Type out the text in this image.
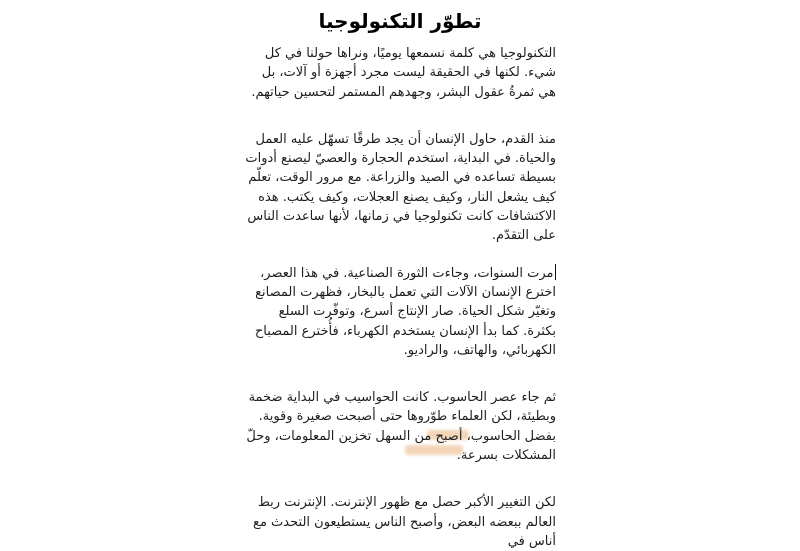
تطوّر التكنولوجيا

التكنولوجيا هي كلمة نسمعها يوميًا، ونراها حولنا في كل شيء. لكنها في الحقيقة ليست مجرد أجهزة أو آلات، بل هي ثمرةُ عقول البشر، وجهدهم المستمر لتحسين حياتهم.

منذ القدم، حاول الإنسان أن يجد طرقًا تسهّل عليه العمل والحياة. في البداية، استخدم الحجارة والعصيّ ليصنع أدوات بسيطة تساعده في الصيد والزراعة. مع مرور الوقت، تعلّم كيف يشعل النار، وكيف يصنع العجلات، وكيف يكتب. هذه الاكتشافات كانت تكنولوجيا في زمانها، لأنها ساعدت الناس على التقدّم.

مرت السنوات، وجاءت الثورة الصناعية. في هذا العصر، اخترع الإنسان الآلات التي تعمل بالبخار، فظهرت المصانع وتغيّر شكل الحياة. صار الإنتاج أسرع، وتوفّرت السلع بكثرة. كما بدأ الإنسان يستخدم الكهرباء، فأُخترع المصباح الكهربائي، والهاتف، والراديو.

ثم جاء عصر الحاسوب. كانت الحواسيب في البداية ضخمة وبطيئة، لكن العلماء طوّروها حتى أصبحت صغيرة وقوية. بفضل الحاسوب، أصبح من السهل تخزين المعلومات، وحلّ المشكلات بسرعة.

لكن التغيير الأكبر حصل مع ظهور الإنترنت. الإنترنت ربط العالم ببعضه البعض، وأصبح الناس يستطيعون التحدث مع أناس في
